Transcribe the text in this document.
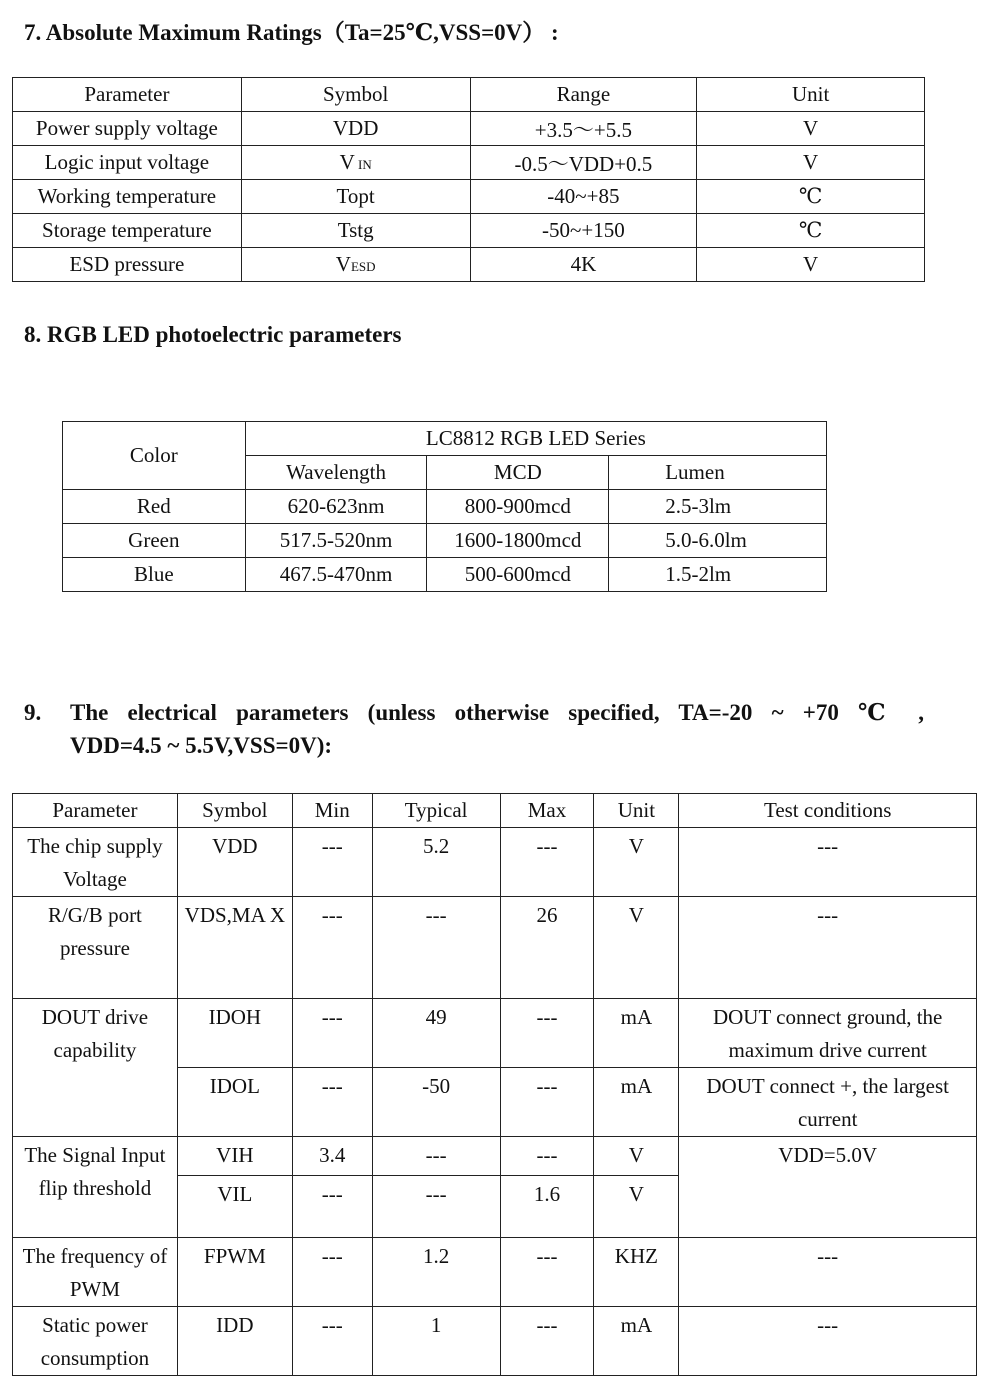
7. Absolute Maximum Ratings（Ta=25℃,VSS=0V） :
Parameter	Symbol	Range	Unit
Power supply voltage	VDD	+3.5～+5.5	V
Logic input voltage	V IN	-0.5～VDD+0.5	V
Working temperature	Topt	-40~+85	℃
Storage temperature	Tstg	-50~+150	℃
ESD pressure	VESD	4K	V
8. RGB LED photoelectric parameters
Color	LC8812 RGB LED Series		
	Wavelength	MCD	Lumen
Red	620-623nm	800-900mcd	2.5-3lm
Green	517.5-520nm	1600-1800mcd	5.0-6.0lm
Blue	467.5-470nm	500-600mcd	1.5-2lm
9. The electrical parameters (unless otherwise specified, TA=-20 ~ +70 ℃ ,
VDD=4.5 ~ 5.5V,VSS=0V):
Parameter	Symbol	Min	Typical	Max	Unit	Test conditions
The chip supply Voltage	VDD	---	5.2	---	V	---
R/G/B port pressure	VDS,MA X	---	---	26	V	---
DOUT drive capability	IDOH	---	49	---	mA	DOUT connect ground, the maximum drive current
	IDOL	---	-50	---	mA	DOUT connect +, the largest current
The Signal Input flip threshold	VIH	3.4	---	---	V	VDD=5.0V
	VIL	---	---	1.6	V	
The frequency of PWM	FPWM	---	1.2	---	KHZ	---
Static power consumption	IDD	---	1	---	mA	---
